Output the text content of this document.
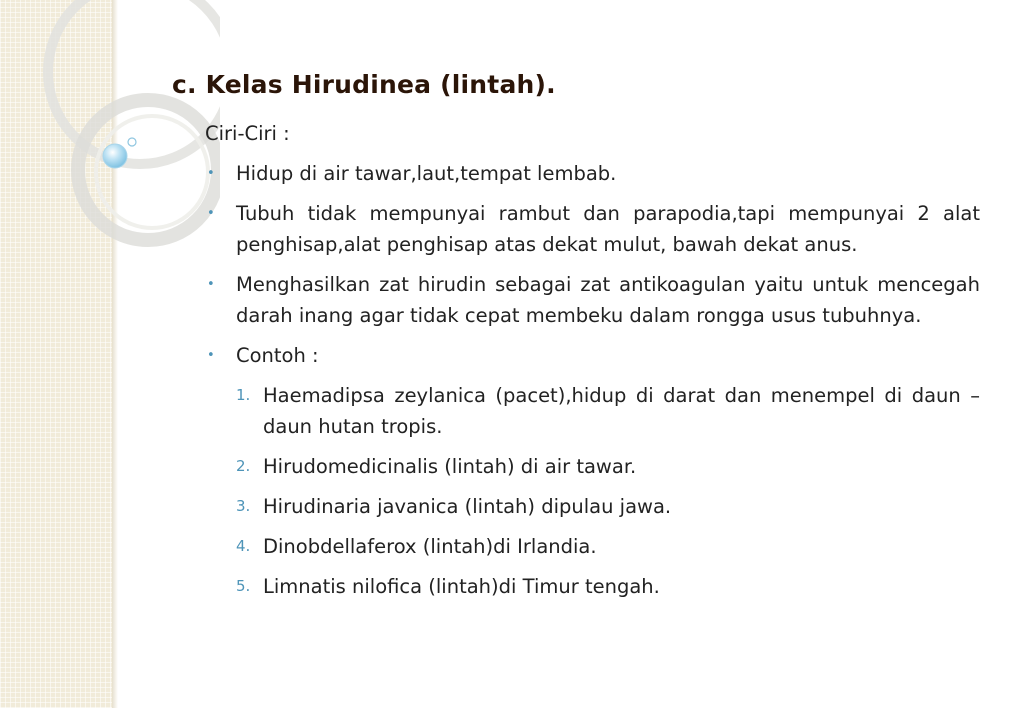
c. Kelas Hirudinea (lintah).
Ciri-Ciri :
• Hidup di air tawar,laut,tempat lembab.
• Tubuh tidak mempunyai rambut dan parapodia,tapi mempunyai 2 alat penghisap,alat penghisap atas dekat mulut, bawah dekat anus.
• Menghasilkan zat hirudin sebagai zat antikoagulan yaitu untuk mencegah darah inang agar tidak cepat membeku dalam rongga usus tubuhnya.
• Contoh :
1. Haemadipsa zeylanica (pacet),hidup di darat dan menempel di daun – daun hutan tropis.
2. Hirudomedicinalis (lintah) di air tawar.
3. Hirudinaria javanica (lintah) dipulau jawa.
4. Dinobdellaferox (lintah)di Irlandia.
5. Limnatis nilofica (lintah)di Timur tengah.
